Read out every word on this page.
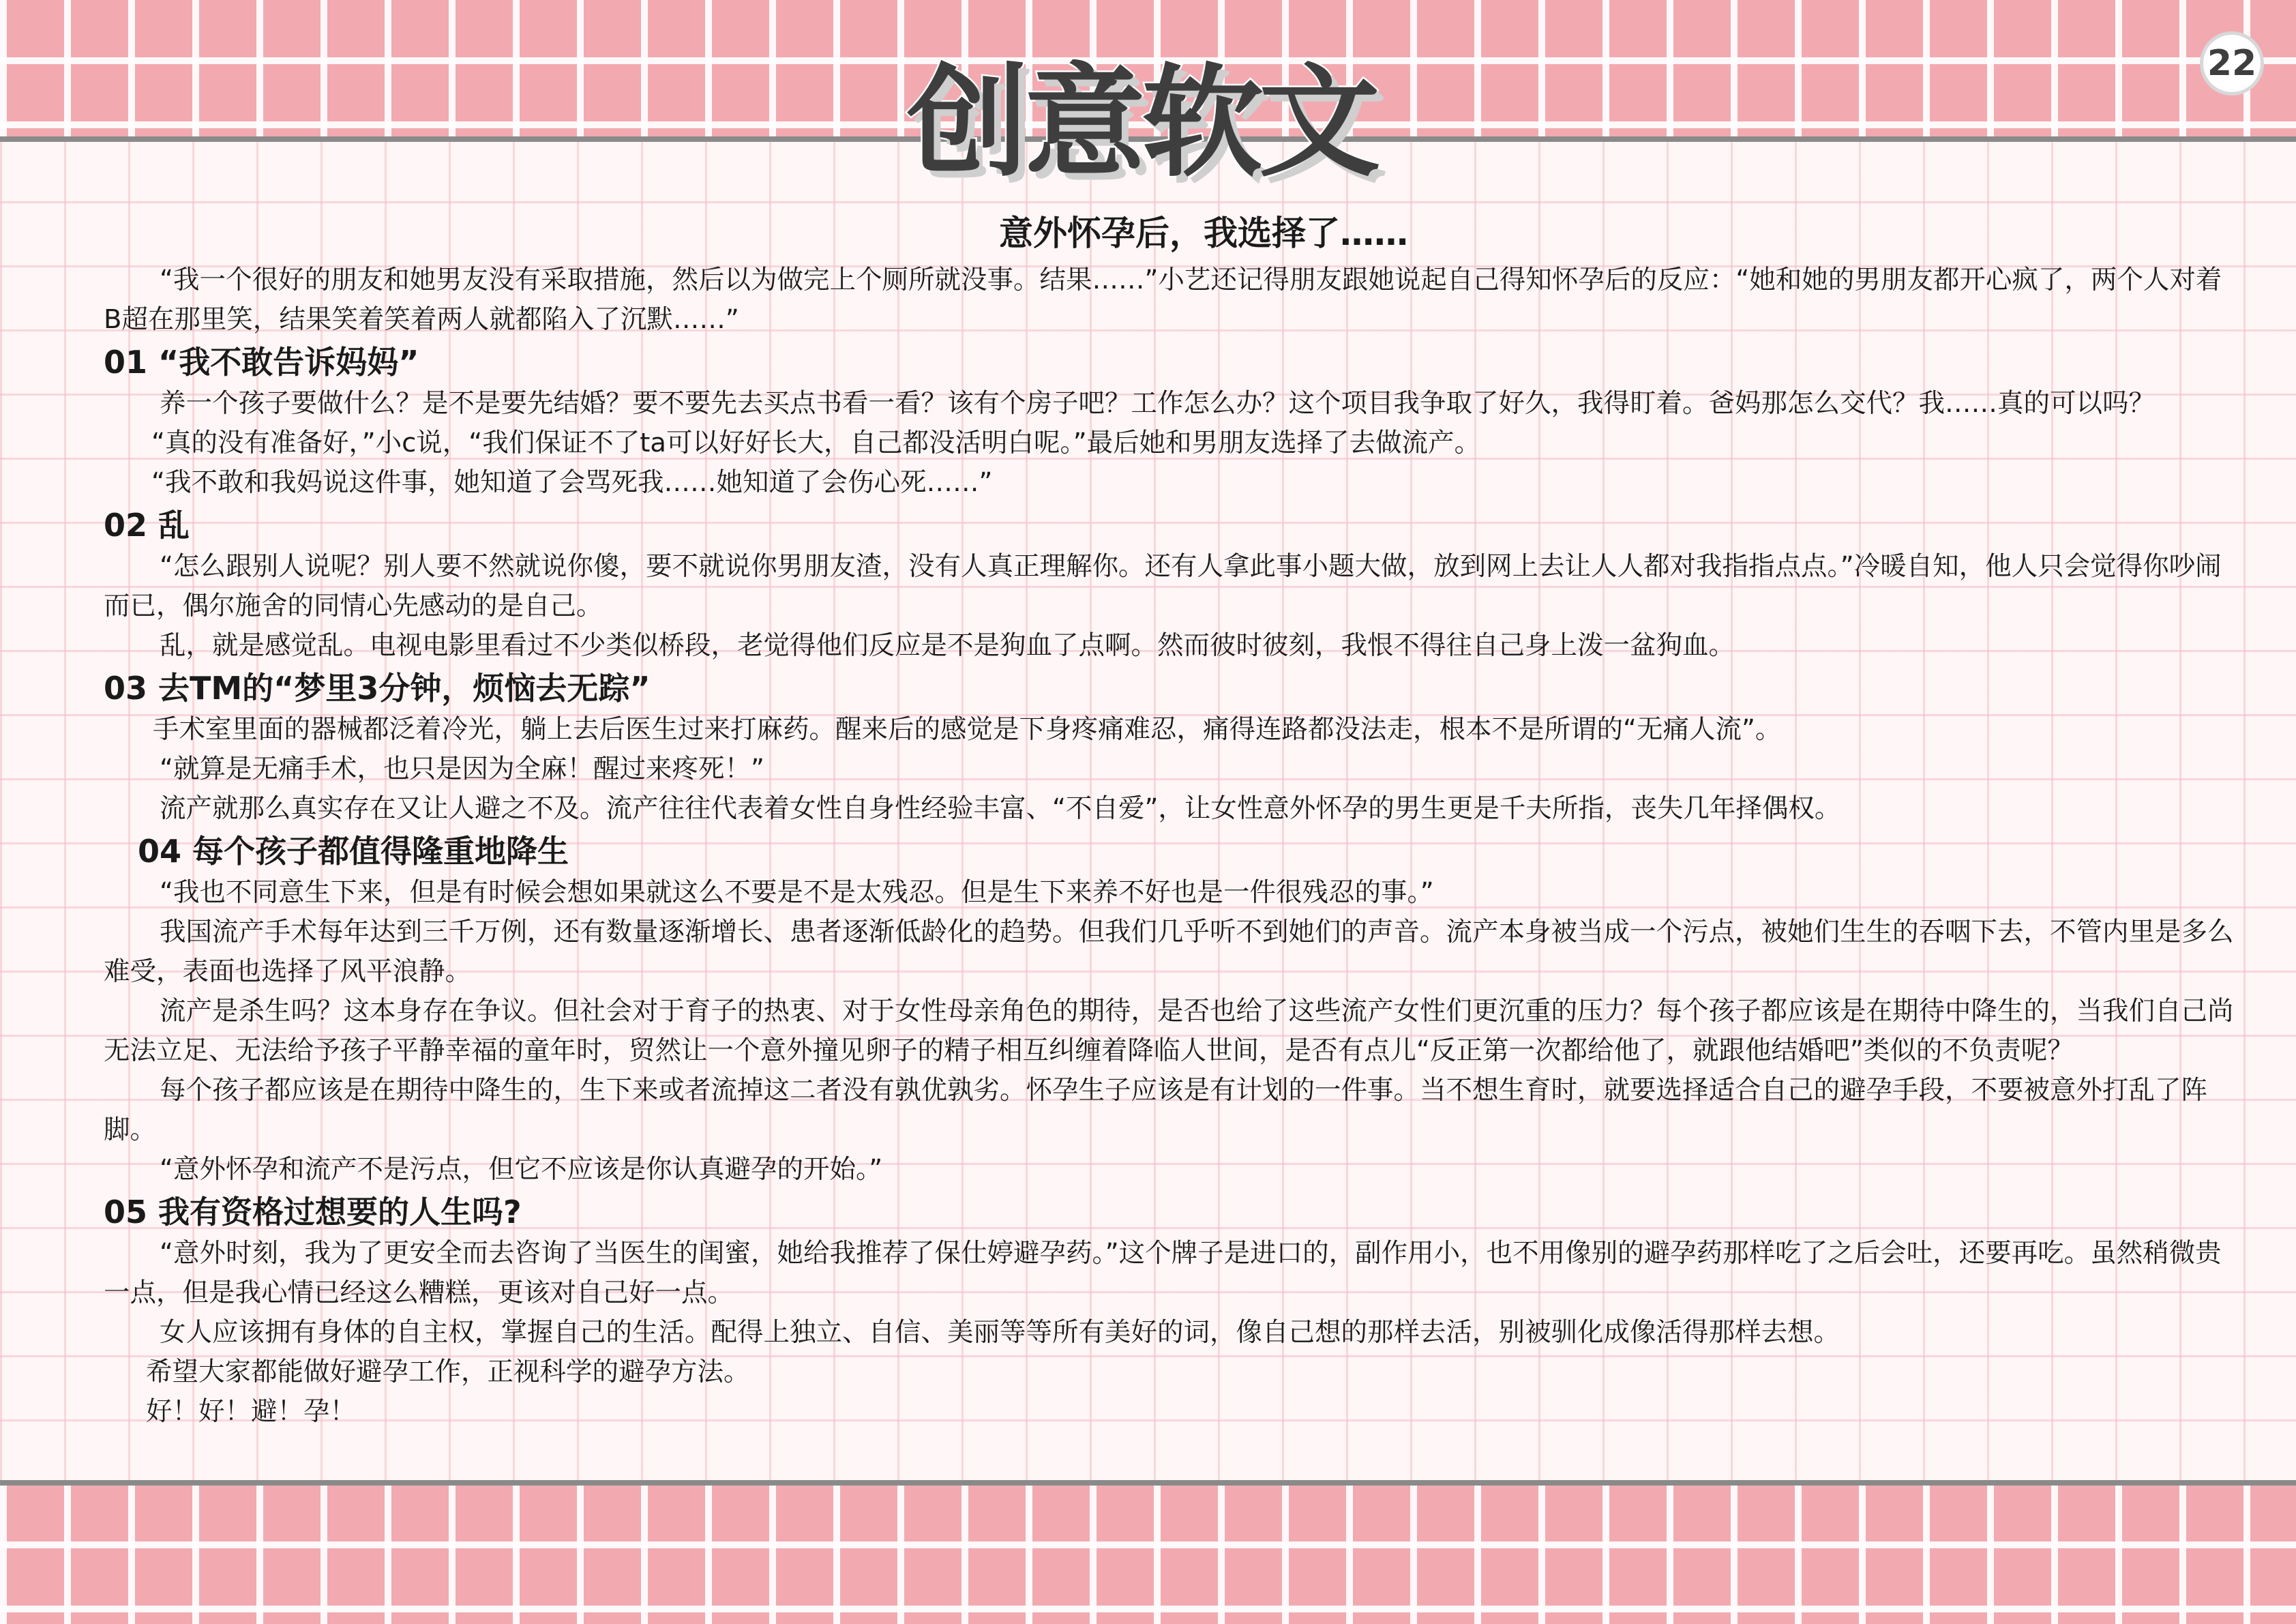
创意软文	22
意外怀孕后，我选择了……

“我一个很好的朋友和她男友没有采取措施，然后以为做完上个厕所就没事。结果……”小艺还记得朋友跟她说起自己得知怀孕后的反应：“她和她的男朋友都开心疯了，两个人对着B超在那里笑，结果笑着笑着两人就都陷入了沉默……”

01 “我不敢告诉妈妈”

养一个孩子要做什么？是不是要先结婚？要不要先去买点书看一看？该有个房子吧？工作怎么办？这个项目我争取了好久，我得盯着。爸妈那怎么交代？我……真的可以吗？

“真的没有准备好，”小c说，“我们保证不了ta可以好好长大，自己都没活明白呢。”最后她和男朋友选择了去做流产。

“我不敢和我妈说这件事，她知道了会骂死我……她知道了会伤心死……”

02 乱

“怎么跟别人说呢？别人要不然就说你傻，要不就说你男朋友渣，没有人真正理解你。还有人拿此事小题大做，放到网上去让人人都对我指指点点。”冷暖自知，他人只会觉得你吵闹而已，偶尔施舍的同情心先感动的是自己。

乱，就是感觉乱。电视电影里看过不少类似桥段，老觉得他们反应是不是狗血了点啊。然而彼时彼刻，我恨不得往自己身上泼一盆狗血。

03 去TM的“梦里3分钟，烦恼去无踪”

手术室里面的器械都泛着冷光，躺上去后医生过来打麻药。醒来后的感觉是下身疼痛难忍，痛得连路都没法走，根本不是所谓的“无痛人流”。

“就算是无痛手术，也只是因为全麻！醒过来疼死！”

流产就那么真实存在又让人避之不及。流产往往代表着女性自身性经验丰富、“不自爱”，让女性意外怀孕的男生更是千夫所指，丧失几年择偶权。

04 每个孩子都值得隆重地降生

“我也不同意生下来，但是有时候会想如果就这么不要是不是太残忍。但是生下来养不好也是一件很残忍的事。”

我国流产手术每年达到三千万例，还有数量逐渐增长、患者逐渐低龄化的趋势。但我们几乎听不到她们的声音。流产本身被当成一个污点，被她们生生的吞咽下去，不管内里是多么难受，表面也选择了风平浪静。

流产是杀生吗？这本身存在争议。但社会对于育子的热衷、对于女性母亲角色的期待，是否也给了这些流产女性们更沉重的压力？每个孩子都应该是在期待中降生的，当我们自己尚无法立足、无法给予孩子平静幸福的童年时，贸然让一个意外撞见卵子的精子相互纠缠着降临人世间，是否有点儿“反正第一次都给他了，就跟他结婚吧”类似的不负责呢？

每个孩子都应该是在期待中降生的，生下来或者流掉这二者没有孰优孰劣。怀孕生子应该是有计划的一件事。当不想生育时，就要选择适合自己的避孕手段，不要被意外打乱了阵脚。

“意外怀孕和流产不是污点，但它不应该是你认真避孕的开始。”

05 我有资格过想要的人生吗?

“意外时刻，我为了更安全而去咨询了当医生的闺蜜，她给我推荐了保仕婷避孕药。”这个牌子是进口的，副作用小，也不用像别的避孕药那样吃了之后会吐，还要再吃。虽然稍微贵一点，但是我心情已经这么糟糕，更该对自己好一点。

女人应该拥有身体的自主权，掌握自己的生活。配得上独立、自信、美丽等等所有美好的词，像自己想的那样去活，别被驯化成像活得那样去想。

希望大家都能做好避孕工作，正视科学的避孕方法。

好！好！避！孕！
